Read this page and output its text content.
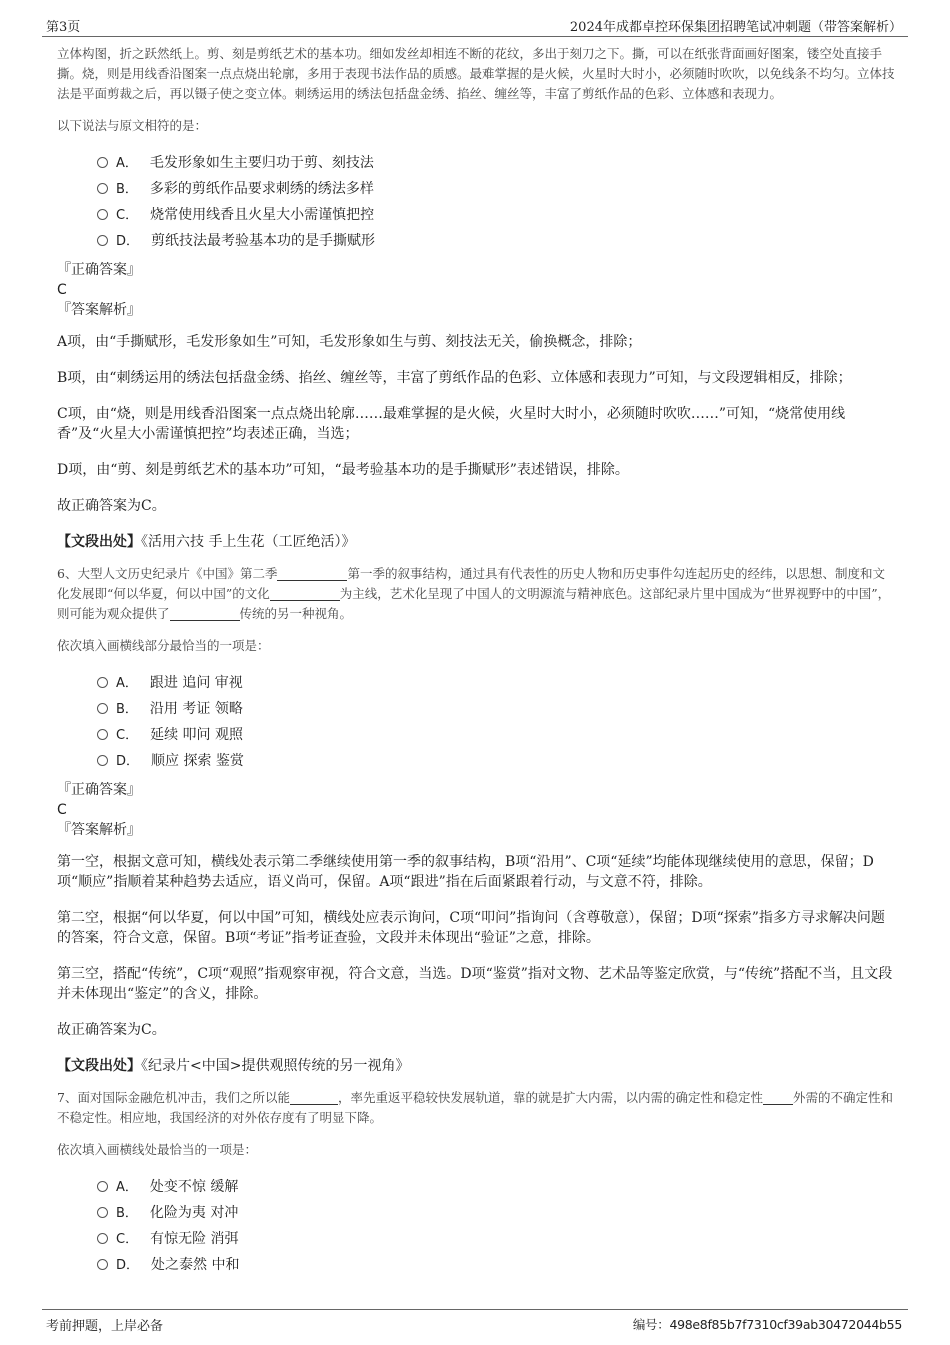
第3页	2024年成都卓控环保集团招聘笔试冲刺题（带答案解析）

立体构图，折之跃然纸上。剪、刻是剪纸艺术的基本功。细如发丝却相连不断的花纹，多出于刻刀之下。撕，可以在纸张背面画好图案，镂空处直接手撕。烧，则是用线香沿图案一点点烧出轮廓，多用于表现书法作品的质感。最难掌握的是火候，火星时大时小，必须随时吹吹，以免线条不均匀。立体技法是平面剪裁之后，再以镊子使之变立体。刺绣运用的绣法包括盘金绣、掐丝、缠丝等，丰富了剪纸作品的色彩、立体感和表现力。

以下说法与原文相符的是：

A． 毛发形象如生主要归功于剪、刻技法
B． 多彩的剪纸作品要求刺绣的绣法多样
C． 烧常使用线香且火星大小需谨慎把控
D． 剪纸技法最考验基本功的是手撕赋形

『正确答案』

C

『答案解析』

A项，由“手撕赋形，毛发形象如生”可知，毛发形象如生与剪、刻技法无关，偷换概念，排除；

B项，由“刺绣运用的绣法包括盘金绣、掐丝、缠丝等，丰富了剪纸作品的色彩、立体感和表现力”可知，与文段逻辑相反，排除；

C项，由“烧，则是用线香沿图案一点点烧出轮廓……最难掌握的是火候，火星时大时小，必须随时吹吹……”可知，“烧常使用线香”及“火星大小需谨慎把控”均表述正确，当选；

D项，由“剪、刻是剪纸艺术的基本功”可知，“最考验基本功的是手撕赋形”表述错误，排除。

故正确答案为C。

【文段出处】《活用六技 手上生花（工匠绝活）》

6、大型人文历史纪录片《中国》第二季	第一季的叙事结构，通过具有代表性的历史人物和历史事件勾连起历史的经纬，以思想、制度和文化发展即“何以华夏，何以中国”的文化	为主线，艺术化呈现了中国人的文明源流与精神底色。这部纪录片里中国成为“世界视野中的中国”，则可能为观众提供了	传统的另一种视角。

依次填入画横线部分最恰当的一项是：

A． 跟进 追问 审视
B． 沿用 考证 领略
C． 延续 叩问 观照
D． 顺应 探索 鉴赏

『正确答案』

C

『答案解析』

第一空，根据文意可知，横线处表示第二季继续使用第一季的叙事结构，B项“沿用”、C项“延续”均能体现继续使用的意思，保留；D项“顺应”指顺着某种趋势去适应，语义尚可，保留。A项“跟进”指在后面紧跟着行动，与文意不符，排除。

第二空，根据“何以华夏，何以中国”可知，横线处应表示询问，C项“叩问”指询问（含尊敬意），保留；D项“探索”指多方寻求解决问题的答案，符合文意，保留。B项“考证”指考证查验，文段并未体现出“验证”之意，排除。

第三空，搭配“传统”，C项“观照”指观察审视，符合文意，当选。D项“鉴赏”指对文物、艺术品等鉴定欣赏，与“传统”搭配不当，且文段并未体现出“鉴定”的含义，排除。

故正确答案为C。

【文段出处】《纪录片<中国>提供观照传统的另一视角》

7、面对国际金融危机冲击，我们之所以能	，率先重返平稳较快发展轨道，靠的就是扩大内需，以内需的确定性和稳定性 外需的不确定性和不稳定性。相应地，我国经济的对外依存度有了明显下降。

依次填入画横线处最恰当的一项是：

A． 处变不惊 缓解
B． 化险为夷 对冲
C． 有惊无险 消弭
D． 处之泰然 中和
考前押题，上岸必备	编号：498e8f85b7f7310cf39ab30472044b55
